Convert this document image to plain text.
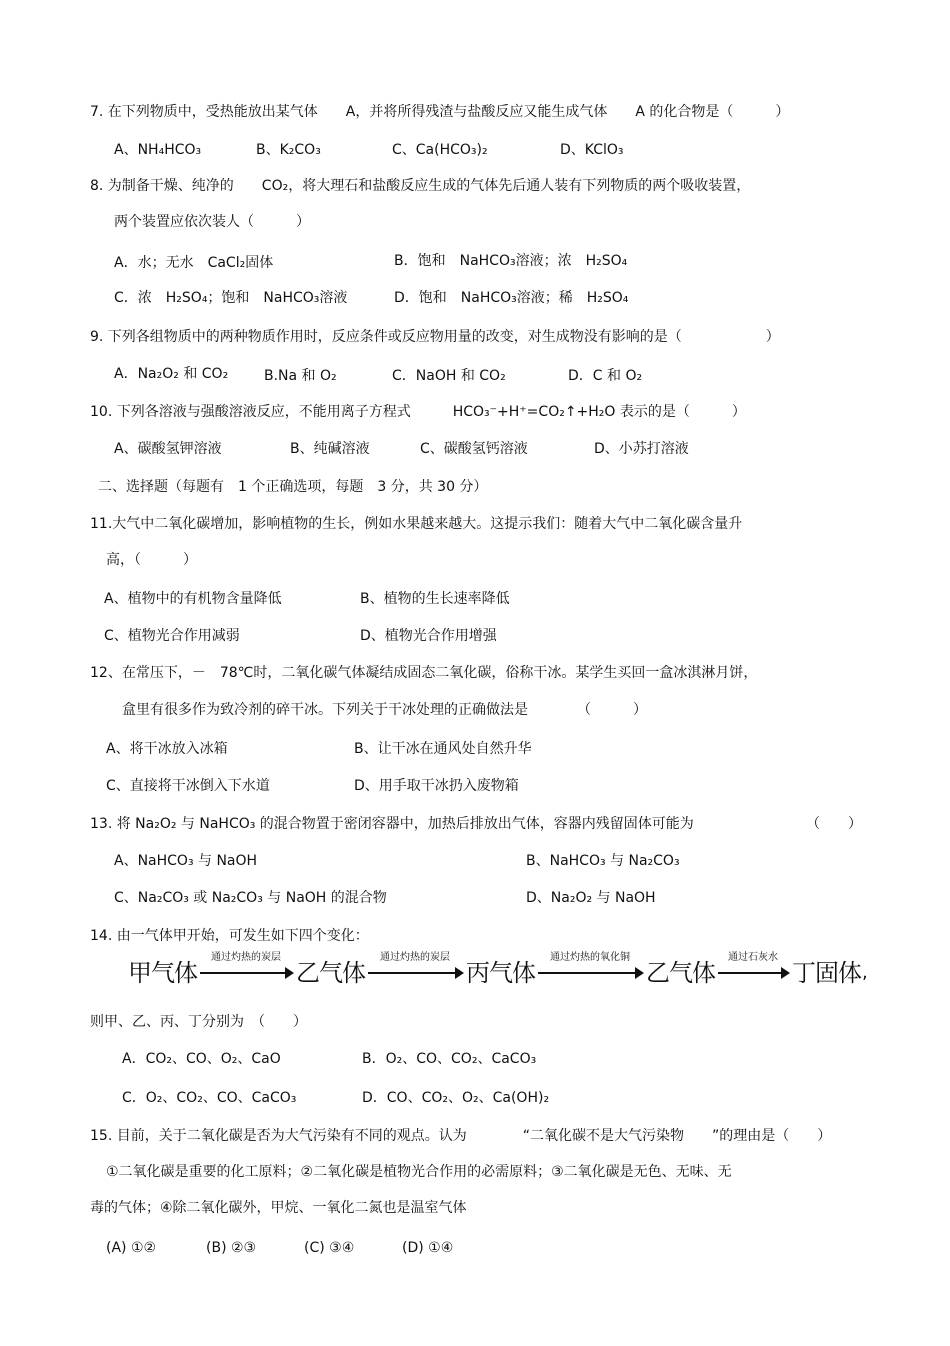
7. 在下列物质中，受热能放出某气体　　A，并将所得残渣与盐酸反应又能生成气体　　A 的化合物是（　　　）
A、NH₄HCO₃	B、K₂CO₃	C、Ca(HCO₃)₂	D、KClO₃
8. 为制备干燥、纯净的　　CO₂，将大理石和盐酸反应生成的气体先后通人装有下列物质的两个吸收装置，
两个装置应依次装人（　　　）
A．水；无水　CaCl₂固体	B．饱和　NaHCO₃溶液；浓　H₂SO₄
C．浓　H₂SO₄；饱和　NaHCO₃溶液	D．饱和　NaHCO₃溶液；稀　H₂SO₄
9. 下列各组物质中的两种物质作用时，反应条件或反应物用量的改变，对生成物没有影响的是（　　　　　　）
A．Na₂O₂ 和 CO₂	B.Na 和 O₂	C．NaOH 和 CO₂	D．C 和 O₂
10. 下列各溶液与强酸溶液反应，不能用离子方程式　　　HCO₃⁻+H⁺=CO₂↑+H₂O 表示的是（　　　）
A、碳酸氢钾溶液	B、纯碱溶液	C、碳酸氢钙溶液	D、小苏打溶液
二、选择题（每题有　1 个正确选项，每题　3 分，共 30 分）
11.大气中二氧化碳增加，影响植物的生长，例如水果越来越大。这提示我们：随着大气中二氧化碳含量升
高，（　　　）
A、植物中的有机物含量降低	B、植物的生长速率降低
C、植物光合作用减弱	D、植物光合作用增强
12、在常压下，－　78℃时，二氧化碳气体凝结成固态二氧化碳，俗称干冰。某学生买回一盒冰淇淋月饼，
盒里有很多作为致冷剂的碎干冰。下列关于干冰处理的正确做法是　　　　（　　　）
A、将干冰放入冰箱	B、让干冰在通风处自然升华
C、直接将干冰倒入下水道	D、用手取干冰扔入废物箱
13. 将 Na₂O₂ 与 NaHCO₃ 的混合物置于密闭容器中，加热后排放出气体，容器内残留固体可能为	（　　）
A、NaHCO₃ 与 NaOH	B、NaHCO₃ 与 Na₂CO₃
C、Na₂CO₃ 或 Na₂CO₃ 与 NaOH 的混合物	D、Na₂O₂ 与 NaOH
14. 由一气体甲开始，可发生如下四个变化：
甲气体
通过灼热的炭层
乙气体
通过灼热的炭层
丙气体
通过灼热的氧化铜
乙气体
通过石灰水
丁固体 ,
则甲、乙、丙、丁分别为　（　　）
A．CO₂、CO、O₂、CaO	B．O₂、CO、CO₂、CaCO₃
C．O₂、CO₂、CO、CaCO₃	D．CO、CO₂、O₂、Ca(OH)₂
15. 目前，关于二氧化碳是否为大气污染有不同的观点。认为　　　　“二氧化碳不是大气污染物　　”的理由是（　　）
①二氧化碳是重要的化工原料；②二氧化碳是植物光合作用的必需原料；③二氧化碳是无色、无味、无
毒的气体；④除二氧化碳外，甲烷、一氧化二氮也是温室气体
(A) ①②	(B) ②③	(C) ③④	(D) ①④
